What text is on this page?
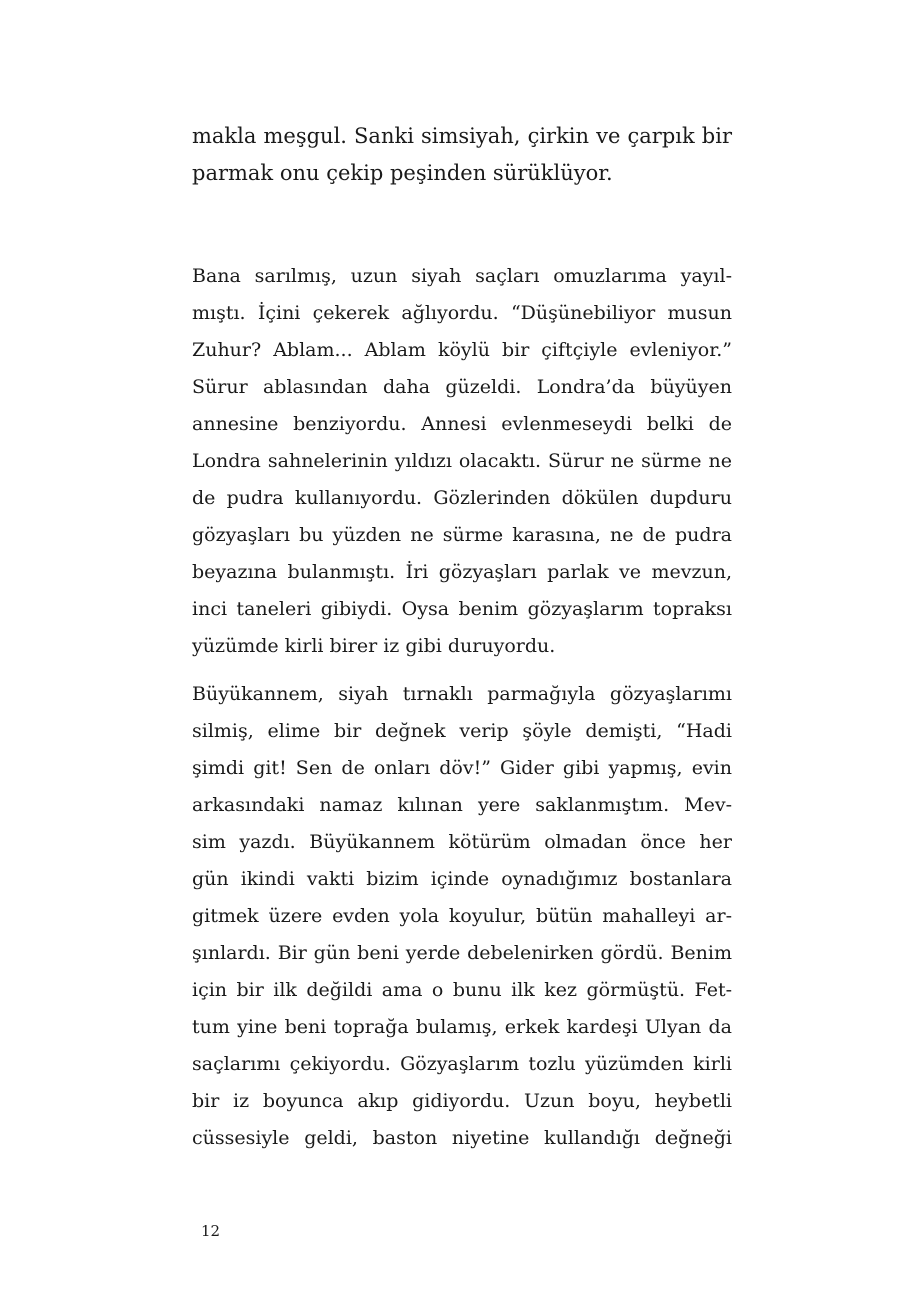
makla meşgul. Sanki simsiyah, çirkin ve çarpık bir
parmak onu çekip peşinden sürüklüyor.
Bana sarılmış, uzun siyah saçları omuzlarıma yayıl-
mıştı. İçini çekerek ağlıyordu. “Düşünebiliyor musun
Zuhur? Ablam... Ablam köylü bir çiftçiyle evleniyor.”
Sürur ablasından daha güzeldi. Londra’da büyüyen
annesine benziyordu. Annesi evlenmeseydi belki de
Londra sahnelerinin yıldızı olacaktı. Sürur ne sürme ne
de pudra kullanıyordu. Gözlerinden dökülen dupduru
gözyaşları bu yüzden ne sürme karasına, ne de pudra
beyazına bulanmıştı. İri gözyaşları parlak ve mevzun,
inci taneleri gibiydi. Oysa benim gözyaşlarım topraksı
yüzümde kirli birer iz gibi duruyordu.
Büyükannem, siyah tırnaklı parmağıyla gözyaşlarımı
silmiş, elime bir değnek verip şöyle demişti, “Hadi
şimdi git! Sen de onları döv!” Gider gibi yapmış, evin
arkasındaki namaz kılınan yere saklanmıştım. Mev-
sim yazdı. Büyükannem kötürüm olmadan önce her
gün ikindi vakti bizim içinde oynadığımız bostanlara
gitmek üzere evden yola koyulur, bütün mahalleyi ar-
şınlardı. Bir gün beni yerde debelenirken gördü. Benim
için bir ilk değildi ama o bunu ilk kez görmüştü. Fet-
tum yine beni toprağa bulamış, erkek kardeşi Ulyan da
saçlarımı çekiyordu. Gözyaşlarım tozlu yüzümden kirli
bir iz boyunca akıp gidiyordu. Uzun boyu, heybetli
cüssesiyle geldi, baston niyetine kullandığı değneği
12
